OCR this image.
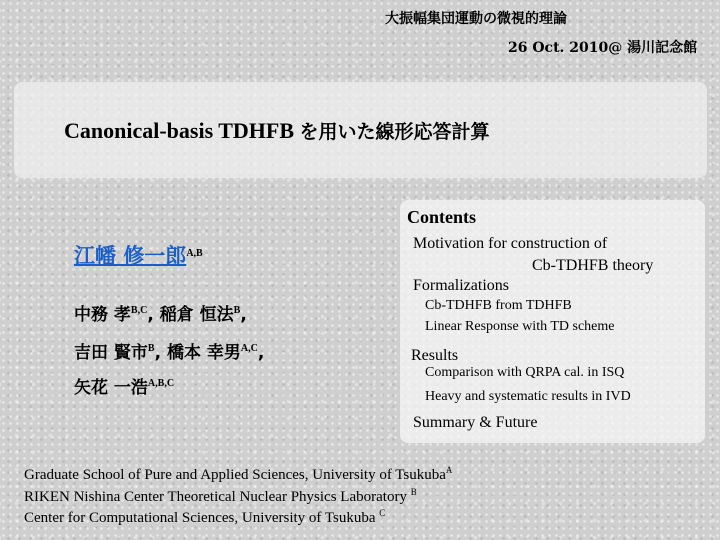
大振幅集団運動の微視的理論
26 Oct. 2010@ 湯川記念館
Canonical-basis TDHFB を用いた線形応答計算
江幡 修一郎$^{A,B}$
中務 孝$^{B,C}$, 稲倉 恒法$^B$,
吉田 賢市$^B$, 橋本 幸男$^{A,C}$,
矢花 一浩$^{A,B,C}$
Contents
Motivation for construction of
Cb-TDHFB theory
Formalizations
Cb-TDHFB from TDHFB
Linear Response with TD scheme
Results
Comparison with QRPA cal. in ISQ
Heavy and systematic results in IVD
Summary & Future
Graduate School of Pure and Applied Sciences, University of Tsukuba$^A$
RIKEN Nishina Center Theoretical Nuclear Physics Laboratory $^B$
Center for Computational Sciences, University of Tsukuba $^C$
